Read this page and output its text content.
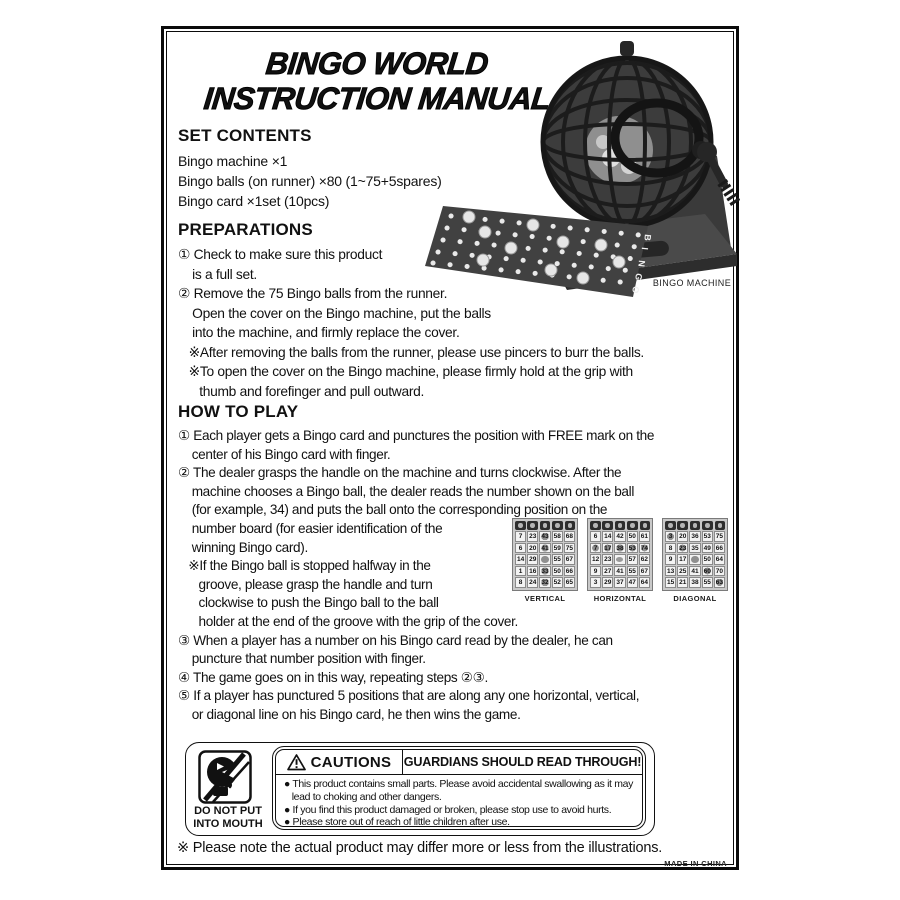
BINGO WORLD
INSTRUCTION MANUAL
B
I
N
G
O
BINGO MACHINE
SET CONTENTS
Bingo machine ×1
Bingo balls (on runner) ×80 (1~75+5spares)
Bingo card ×1set (10pcs)
PREPARATIONS
① Check to make sure this product
is a full set.
② Remove the 75 Bingo balls from the runner.
Open the cover on the Bingo machine, put the balls
into the machine, and firmly replace the cover.
※After removing the balls from the runner, please use pincers to burr the balls.
※To open the cover on the Bingo machine, please firmly hold at the grip with
thumb and forefinger and pull outward.
HOW TO PLAY
① Each player gets a Bingo card and punctures the position with FREE mark on the
center of his Bingo card with finger.
② The dealer grasps the handle on the machine and turns clockwise. After the
machine chooses a Bingo ball, the dealer reads the number shown on the ball
(for example, 34) and puts the ball onto the corresponding position on the
number board (for easier identification of the
winning Bingo card).
※If the Bingo ball is stopped halfway in the
groove, please grasp the handle and turn
clockwise to push the Bingo ball to the ball
holder at the end of the groove with the grip of the cover.
③ When a player has a number on his Bingo card read by the dealer, he can
puncture that number position with finger.
④ The game goes on in this way, repeating steps ②③.
⑤ If a player has punctured 5 positions that are along any one horizontal, vertical,
or diagonal line on his Bingo card, he then wins the game.
7	23 43 58 68
6	20 41 59 75
14 29	55 67
1	16 33 50 66
8	24 32 52 65
VERTICAL
6	14 42 50 61
7	17 38 53 74
12 23	57 62
9	27 41 55 67
3	29 37 47 64
HORIZONTAL
3	20 36 53 75
8	23 35 49 66
9	17	50 64
13 25 41 60 70
15 21 38 55 63
DIAGONAL
DO NOT PUT
INTO MOUTH
CAUTIONS GUARDIANS SHOULD READ THROUGH!
● This product contains small parts. Please avoid accidental swallowing as it may
lead to choking and other dangers.
● If you find this product damaged or broken, please stop use to avoid hurts.
● Please store out of reach of little children after use.
※ Please note the actual product may differ more or less from the illustrations.
MADE IN CHINA
